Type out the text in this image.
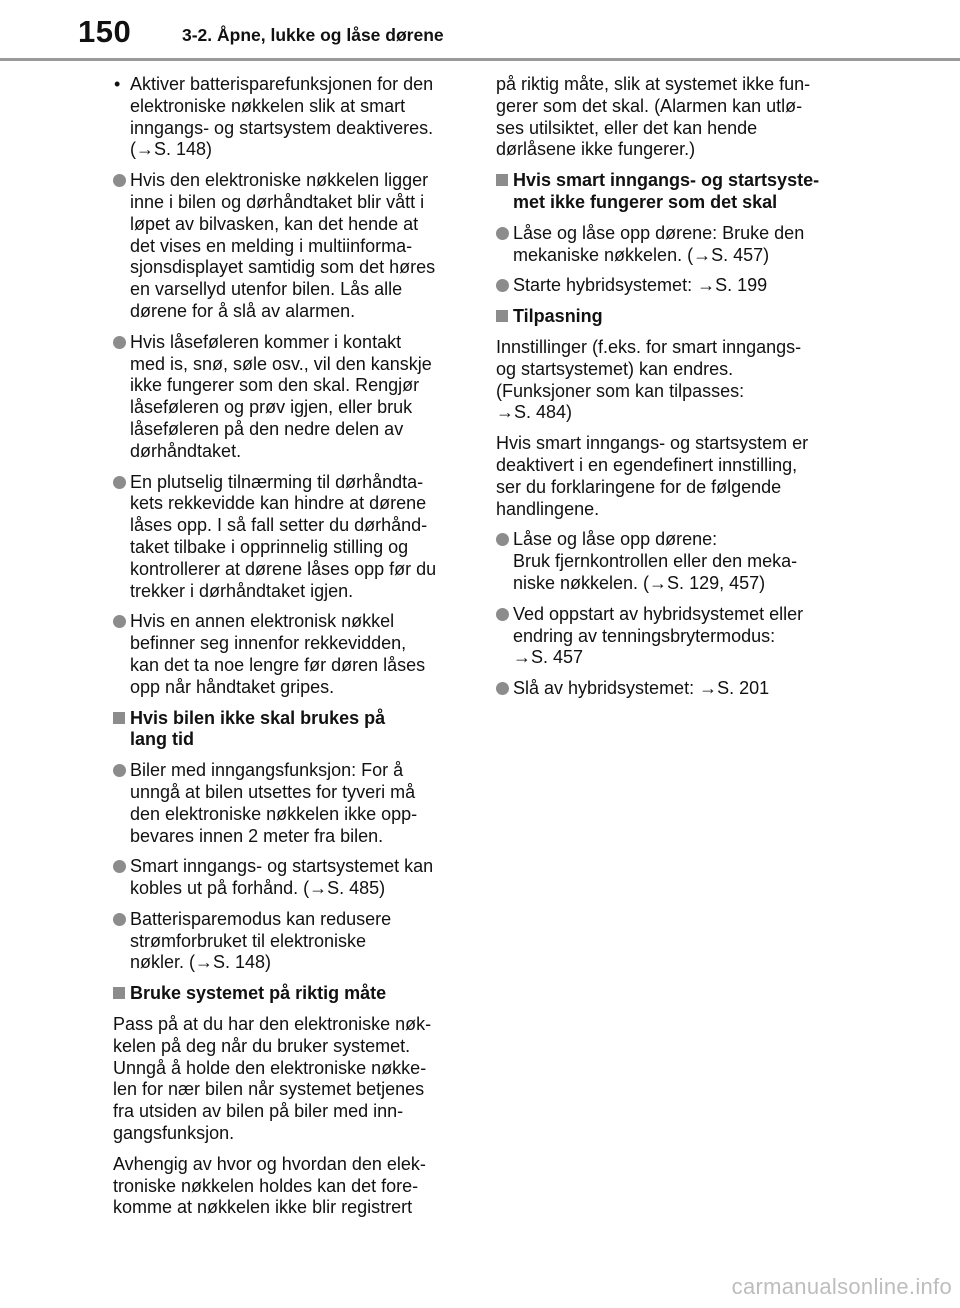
150	3-2. Åpne, lukke og låse dørene
• Aktiver batterisparefunksjonen for den
elektroniske nøkkelen slik at smart
inngangs- og startsystem deaktiveres.
(→S. 148)
Hvis den elektroniske nøkkelen ligger
inne i bilen og dørhåndtaket blir vått i
løpet av bilvasken, kan det hende at
det vises en melding i multiinforma-
sjonsdisplayet samtidig som det høres
en varsellyd utenfor bilen. Lås alle
dørene for å slå av alarmen.
Hvis låseføleren kommer i kontakt
med is, snø, søle osv., vil den kanskje
ikke fungerer som den skal. Rengjør
låseføleren og prøv igjen, eller bruk
låseføleren på den nedre delen av
dørhåndtaket.
En plutselig tilnærming til dørhåndta-
kets rekkevidde kan hindre at dørene
låses opp. I så fall setter du dørhånd-
taket tilbake i opprinnelig stilling og
kontrollerer at dørene låses opp før du
trekker i dørhåndtaket igjen.
Hvis en annen elektronisk nøkkel
befinner seg innenfor rekkevidden,
kan det ta noe lengre før døren låses
opp når håndtaket gripes.
Hvis bilen ikke skal brukes på
lang tid
Biler med inngangsfunksjon: For å
unngå at bilen utsettes for tyveri må
den elektroniske nøkkelen ikke opp-
bevares innen 2 meter fra bilen.
Smart inngangs- og startsystemet kan
kobles ut på forhånd. (→S. 485)
Batterisparemodus kan redusere
strømforbruket til elektroniske
nøkler. (→S. 148)
Bruke systemet på riktig måte
Pass på at du har den elektroniske nøk-
kelen på deg når du bruker systemet.
Unngå å holde den elektroniske nøkke-
len for nær bilen når systemet betjenes
fra utsiden av bilen på biler med inn-
gangsfunksjon.
Avhengig av hvor og hvordan den elek-
troniske nøkkelen holdes kan det fore-
komme at nøkkelen ikke blir registrert
på riktig måte, slik at systemet ikke fun-
gerer som det skal. (Alarmen kan utlø-
ses utilsiktet, eller det kan hende
dørlåsene ikke fungerer.)
Hvis smart inngangs- og startsyste-
met ikke fungerer som det skal
Låse og låse opp dørene: Bruke den
mekaniske nøkkelen. (→S. 457)
Starte hybridsystemet: →S. 199
Tilpasning
Innstillinger (f.eks. for smart inngangs-
og startsystemet) kan endres.
(Funksjoner som kan tilpasses:
→S. 484)
Hvis smart inngangs- og startsystem er
deaktivert i en egendefinert innstilling,
ser du forklaringene for de følgende
handlingene.
Låse og låse opp dørene:
Bruk fjernkontrollen eller den meka-
niske nøkkelen. (→S. 129, 457)
Ved oppstart av hybridsystemet eller
endring av tenningsbrytermodus:
→S. 457
Slå av hybridsystemet: →S. 201
carmanualsonline.info
